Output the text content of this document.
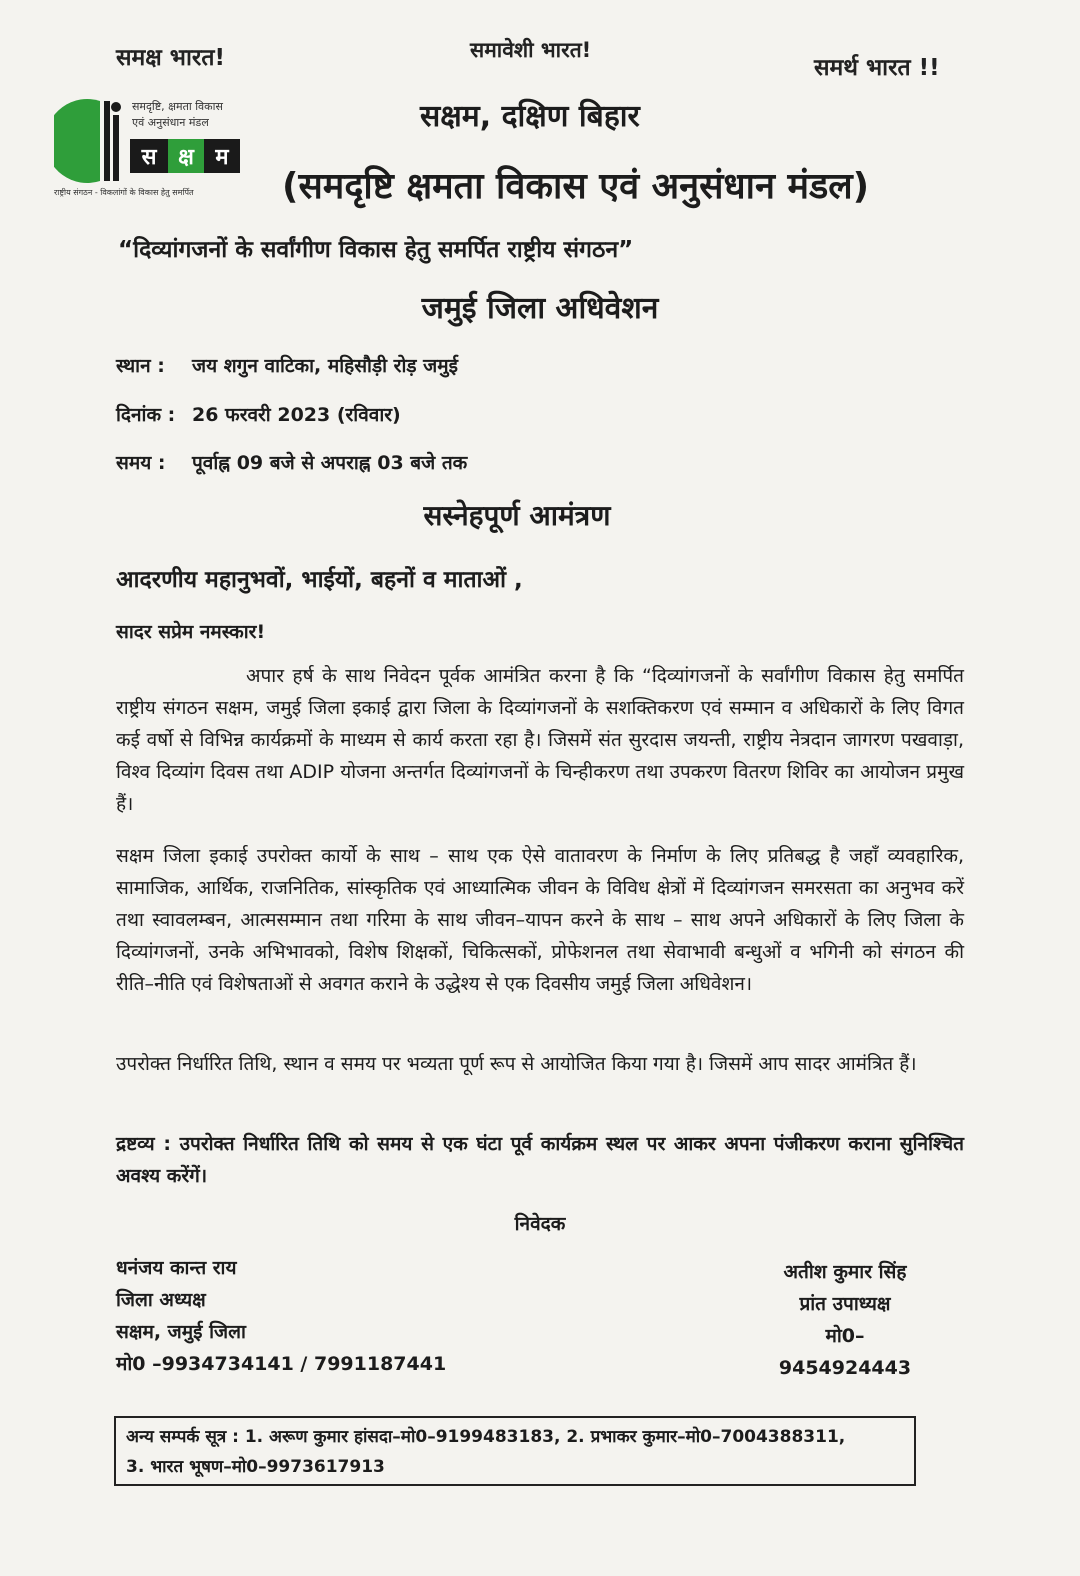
समक्ष भारत!	समावेशी भारत!
समर्थ भारत !!
समदृष्टि, क्षमता विकास
एवं अनुसंधान मंडल
स क्ष म
राष्ट्रीय संगठन - विकलांगों के विकास हेतु समर्पित
सक्षम, दक्षिण बिहार
(समदृष्टि क्षमता विकास एवं अनुसंधान मंडल)
“दिव्यांगजनों के सर्वांगीण विकास हेतु समर्पित राष्ट्रीय संगठन”
जमुई जिला अधिवेशन
स्थान : जय शगुन वाटिका, महिसौड़ी रोड़ जमुई
दिनांक : 26 फरवरी 2023 (रविवार)
समय : पूर्वाह्न 09 बजे से अपराह्न 03 बजे तक
सस्नेहपूर्ण आमंत्रण
आदरणीय महानुभवों, भाईयों, बहनों व माताओं ,
सादर सप्रेम नमस्कार!
अपार हर्ष के साथ निवेदन पूर्वक आमंत्रित करना है कि “दिव्यांगजनों के सर्वांगीण विकास हेतु समर्पित राष्ट्रीय संगठन सक्षम, जमुई जिला इकाई द्वारा जिला के दिव्यांगजनों के सशक्तिकरण एवं सम्मान व अधिकारों के लिए विगत कई वर्षो से विभिन्न कार्यक्रमों के माध्यम से कार्य करता रहा है। जिसमें संत सुरदास जयन्ती, राष्ट्रीय नेत्रदान जागरण पखवाड़ा, विश्व दिव्यांग दिवस तथा ADIP योजना अन्तर्गत दिव्यांगजनों के चिन्हीकरण तथा उपकरण वितरण शिविर का आयोजन प्रमुख हैं।
सक्षम जिला इकाई उपरोक्त कार्यो के साथ – साथ एक ऐसे वातावरण के निर्माण के लिए प्रतिबद्ध है जहाँ व्यवहारिक, सामाजिक, आर्थिक, राजनितिक, सांस्कृतिक एवं आध्यात्मिक जीवन के विविध क्षेत्रों में दिव्यांगजन समरसता का अनुभव करें तथा स्वावलम्बन, आत्मसम्मान तथा गरिमा के साथ जीवन–यापन करने के साथ – साथ अपने अधिकारों के लिए जिला के दिव्यांगजनों, उनके अभिभावको, विशेष शिक्षकों, चिकित्सकों, प्रोफेशनल तथा सेवाभावी बन्धुओं व भगिनी को संगठन की रीति–नीति एवं विशेषताओं से अवगत कराने के उद्धेश्य से एक दिवसीय जमुई जिला अधिवेशन।
उपरोक्त निर्धारित तिथि, स्थान व समय पर भव्यता पूर्ण रूप से आयोजित किया गया है। जिसमें आप सादर आमंत्रित हैं।
द्रष्टव्य : उपरोक्त निर्धारित तिथि को समय से एक घंटा पूर्व कार्यक्रम स्थल पर आकर अपना पंजीकरण कराना सुनिश्चित अवश्य करेंगें।
निवेदक
धनंजय कान्त राय
जिला अध्यक्ष
सक्षम, जमुई जिला
मो0 –9934734141 / 7991187441
अतीश कुमार सिंह
प्रांत उपाध्यक्ष
मो0–9454924443
अन्य सम्पर्क सूत्र : 1. अरूण कुमार हांसदा–मो0–9199483183, 2. प्रभाकर कुमार–मो0–7004388311,
3. भारत भूषण–मो0–9973617913
